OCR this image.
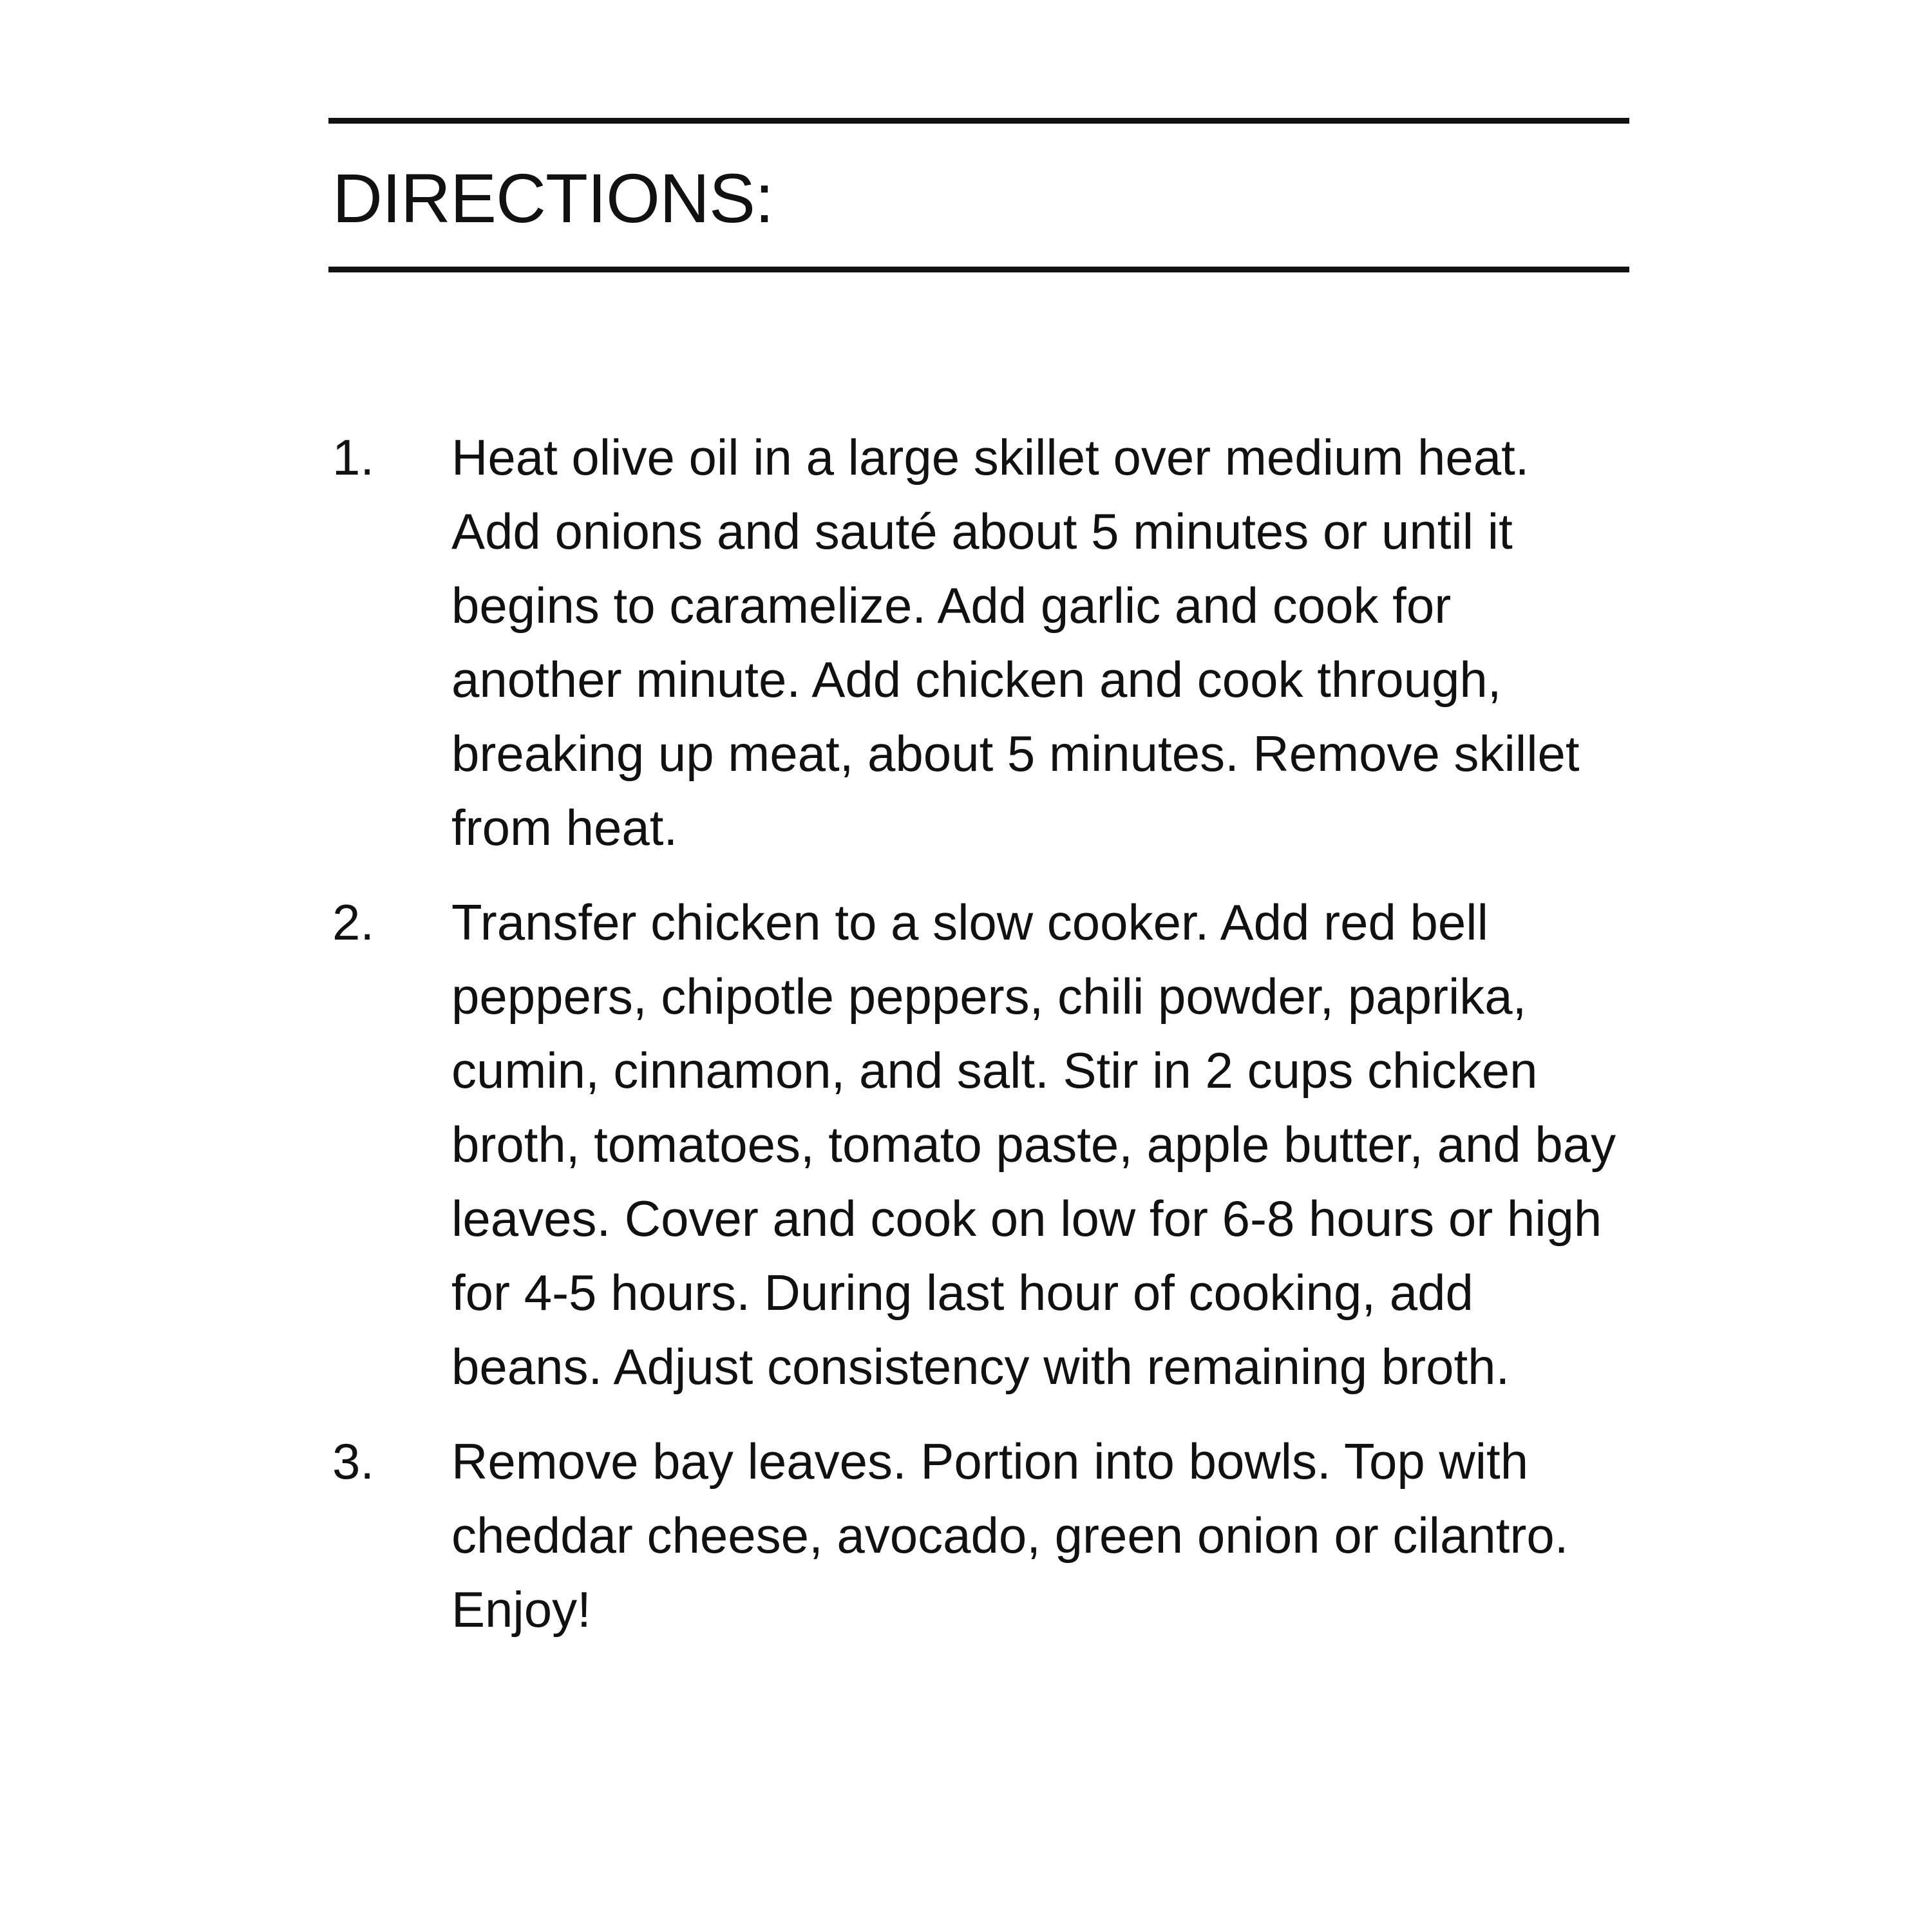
DIRECTIONS:
1.	Heat olive oil in a large skillet over medium heat. Add onions and sauté about 5 minutes or until it begins to caramelize. Add garlic and cook for another minute. Add chicken and cook through, breaking up meat, about 5 minutes. Remove skillet from heat.
2.	Transfer chicken to a slow cooker. Add red bell peppers, chipotle peppers, chili powder, paprika, cumin, cinnamon, and salt. Stir in 2 cups chicken broth, tomatoes, tomato paste, apple butter, and bay leaves. Cover and cook on low for 6-8 hours or high for 4-5 hours. During last hour of cooking, add beans. Adjust consistency with remaining broth.
3.	Remove bay leaves. Portion into bowls. Top with cheddar cheese, avocado, green onion or cilantro. Enjoy!
